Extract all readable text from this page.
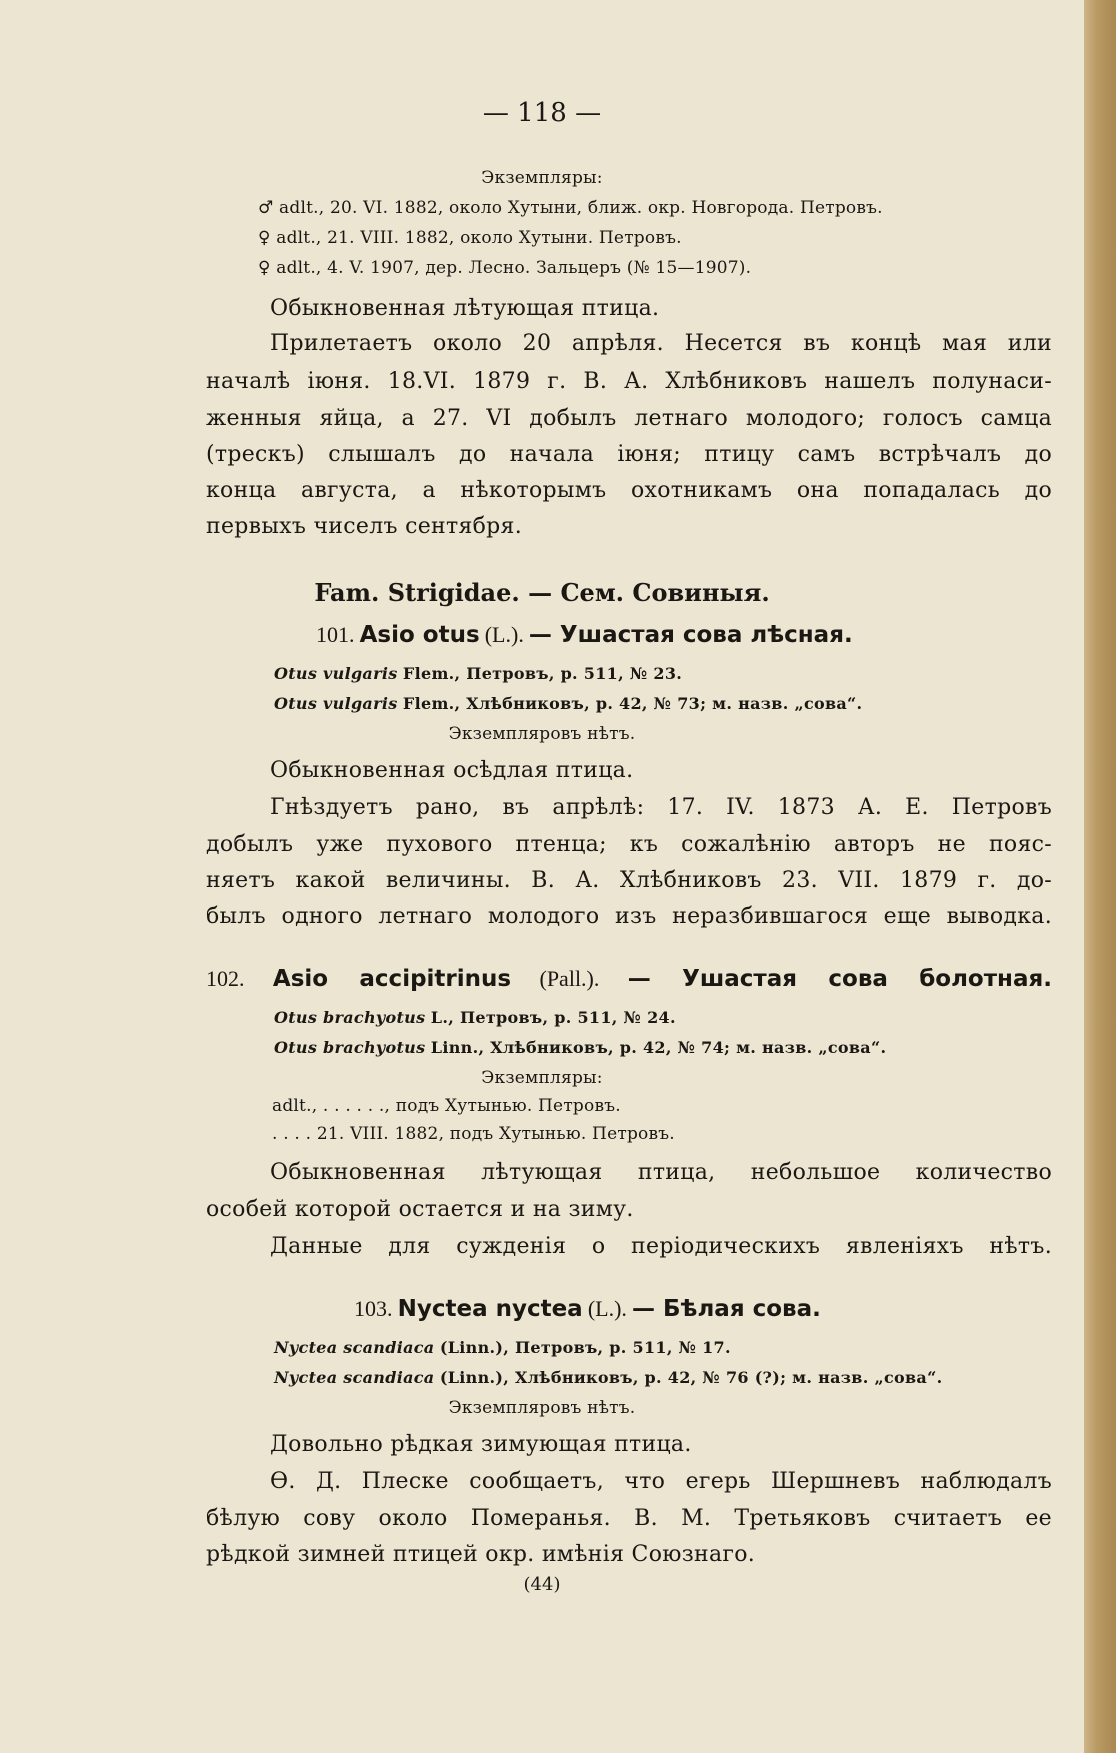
— 118 —
Экземпляры:
♂ adlt., 20. VI. 1882, около Хутыни, ближ. окр. Новгорода. Петровъ.
♀ adlt., 21. VIII. 1882, около Хутыни. Петровъ.
♀ adlt., 4. V. 1907, дер. Лесно. Зальцеръ (№ 15—1907).
Обыкновенная лѣтующая птица.
Прилетаетъ около 20 апрѣля. Несется въ концѣ мая или
началѣ іюня. 18.VI. 1879 г. В. А. Хлѣбниковъ нашелъ полунаси-
женныя яйца, а 27. VI добылъ летнаго молодого; голосъ самца
(трескъ) слышалъ до начала іюня; птицу самъ встрѣчалъ до
конца августа, а нѣкоторымъ охотникамъ она попадалась до
первыхъ чиселъ сентября.
Fam. Strigidae. — Сем. Совиныя.
101. Asio otus (L.). — Ушастая сова лѣсная.
Otus vulgaris Flem., Петровъ, p. 511, № 23.
Otus vulgaris Flem., Хлѣбниковъ, p. 42, № 73; м. назв. „сова“.
Экземпляровъ нѣтъ.
Обыкновенная осѣдлая птица.
Гнѣздуетъ рано, въ апрѣлѣ: 17. IV. 1873 А. Е. Петровъ
добылъ уже пухового птенца; къ сожалѣнію авторъ не пояс-
няетъ какой величины. В. А. Хлѣбниковъ 23. VII. 1879 г. до-
былъ одного летнаго молодого изъ неразбившагося еще выводка.
102. Asio accipitrinus (Pall.). — Ушастая сова болотная.
Otus brachyotus L., Петровъ, p. 511, № 24.
Otus brachyotus Linn., Хлѣбниковъ, p. 42, № 74; м. назв. „сова“.
Экземпляры:
adlt., . . . . . ., подъ Хутынью. Петровъ.
. . . . 21. VIII. 1882, подъ Хутынью. Петровъ.
Обыкновенная лѣтующая птица, небольшое количество
особей которой остается и на зиму.
Данные для сужденія о періодическихъ явленіяхъ нѣтъ.
103. Nyctea nyctea (L.). — Бѣлая сова.
Nyctea scandiaca (Linn.), Петровъ, p. 511, № 17.
Nyctea scandiaca (Linn.), Хлѣбниковъ, p. 42, № 76 (?); м. назв. „сова“.
Экземпляровъ нѣтъ.
Довольно рѣдкая зимующая птица.
Ѳ. Д. Плеске сообщаетъ, что егерь Шершневъ наблюдалъ
бѣлую сову около Померанья. В. М. Третьяковъ считаетъ ее
рѣдкой зимней птицей окр. имѣнія Союзнаго.
(44)
